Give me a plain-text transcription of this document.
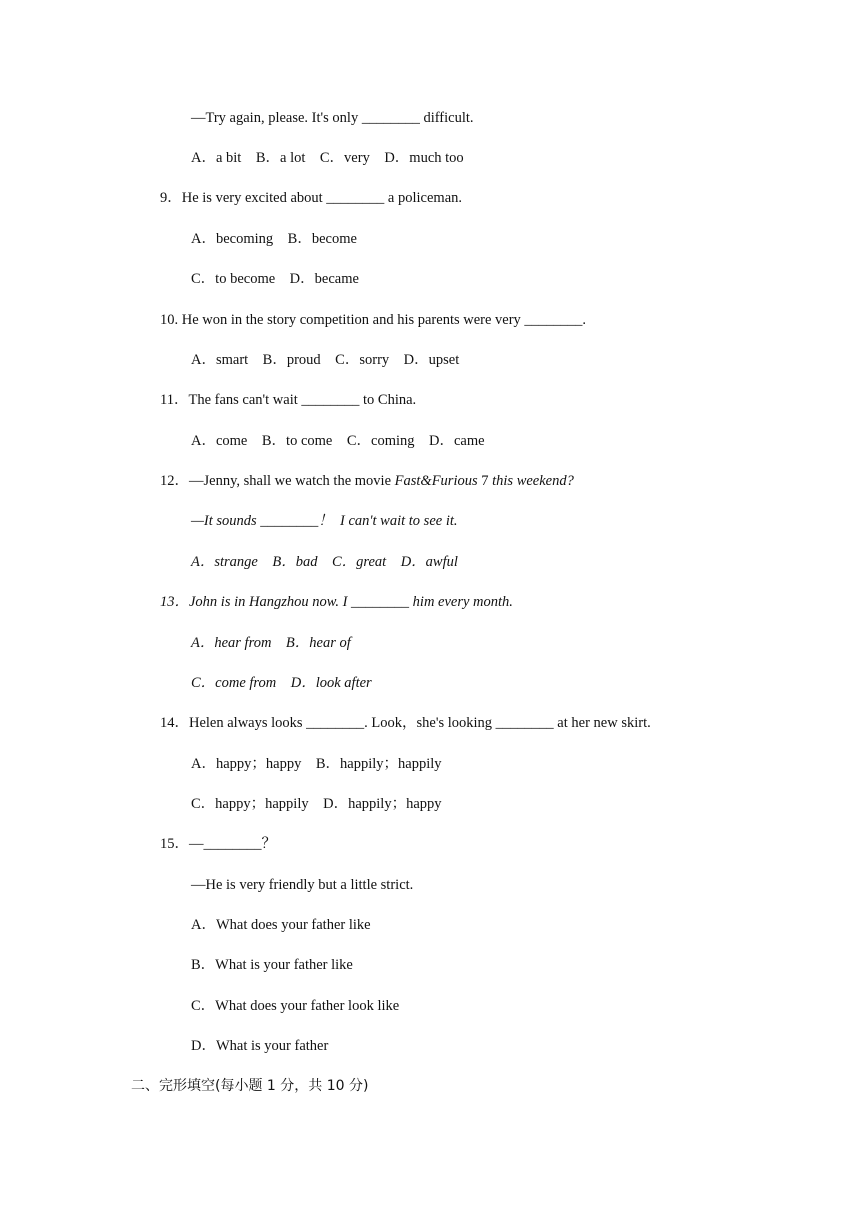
—Try again, please. It's only ________ difficult.
A．a bit    B．a lot    C．very    D．much too
9．He is very excited about ________ a policeman.
A．becoming    B．become
C．to become    D．became
10. He won in the story competition and his parents were very ________.
A．smart    B．proud    C．sorry    D．upset
11．The fans can't wait ________ to China.
A．come    B．to come    C．coming    D．came
12．—Jenny, shall we watch the movie Fast&Furious 7 this weekend?
—It sounds ________！  I can't wait to see it.
A．strange    B．bad    C．great    D．awful
13．John is in Hangzhou now. I ________ him every month.
A．hear from    B．hear of
C．come from    D．look after
14．Helen always looks ________. Look，she's looking ________ at her new skirt.
A．happy；happy    B．happily；happily
C．happy；happily    D．happily；happy
15．—________？
—He is very friendly but a little strict.
A．What does your father like
B．What is your father like
C．What does your father look like
D．What is your father
二、完形填空(每小题 1 分，共 10 分)
